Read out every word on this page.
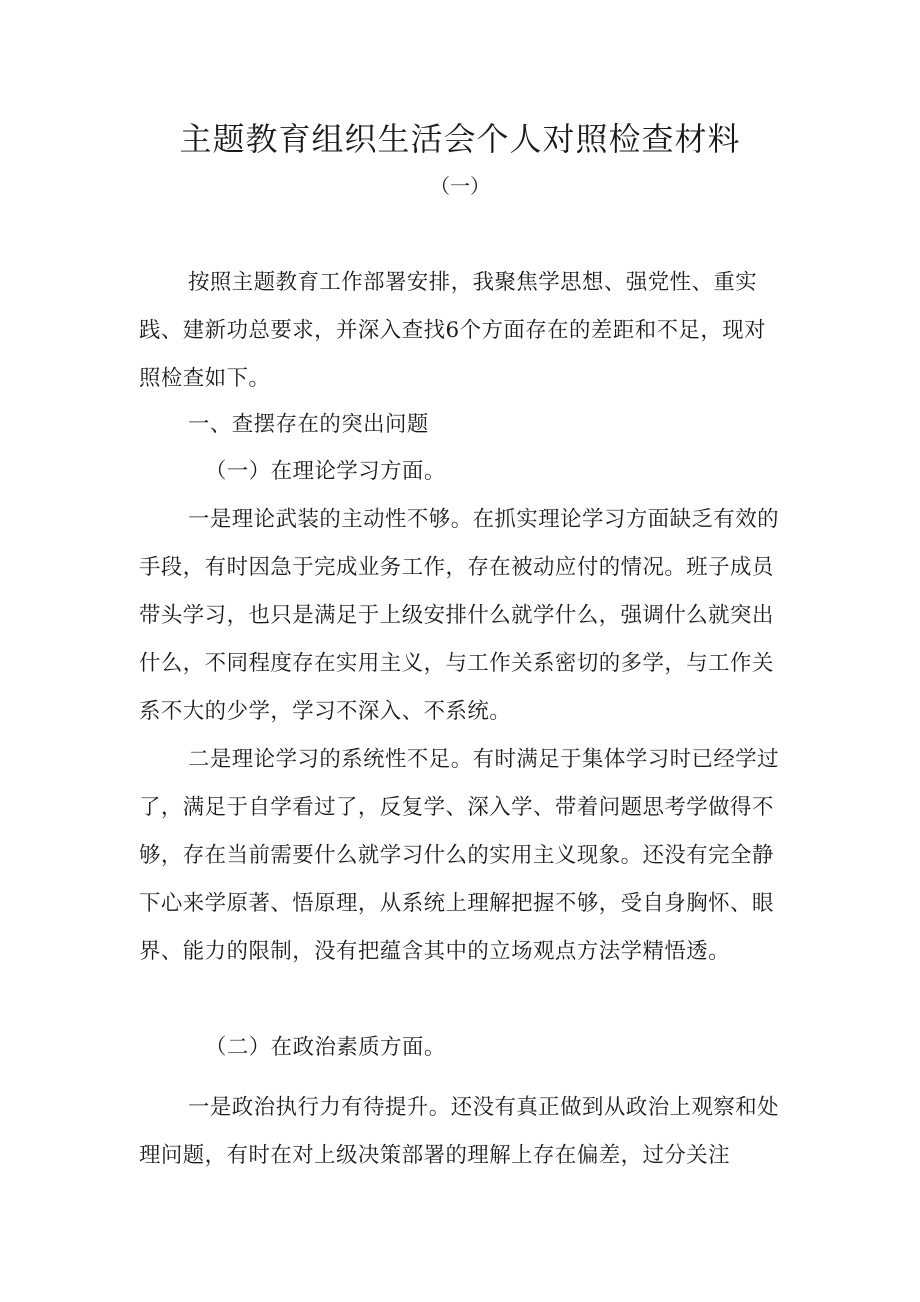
主题教育组织生活会个人对照检查材料
（一）

按照主题教育工作部署安排，我聚焦学思想、强党性、重实践、建新功总要求，并深入查找6个方面存在的差距和不足，现对照检查如下。

一、查摆存在的突出问题

（一）在理论学习方面。

一是理论武装的主动性不够。在抓实理论学习方面缺乏有效的手段，有时因急于完成业务工作，存在被动应付的情况。班子成员带头学习，也只是满足于上级安排什么就学什么，强调什么就突出什么，不同程度存在实用主义，与工作关系密切的多学，与工作关系不大的少学，学习不深入、不系统。

二是理论学习的系统性不足。有时满足于集体学习时已经学过了，满足于自学看过了，反复学、深入学、带着问题思考学做得不够，存在当前需要什么就学习什么的实用主义现象。还没有完全静下心来学原著、悟原理，从系统上理解把握不够，受自身胸怀、眼界、能力的限制，没有把蕴含其中的立场观点方法学精悟透。

（二）在政治素质方面。

一是政治执行力有待提升。还没有真正做到从政治上观察和处理问题，有时在对上级决策部署的理解上存在偏差，过分关注
